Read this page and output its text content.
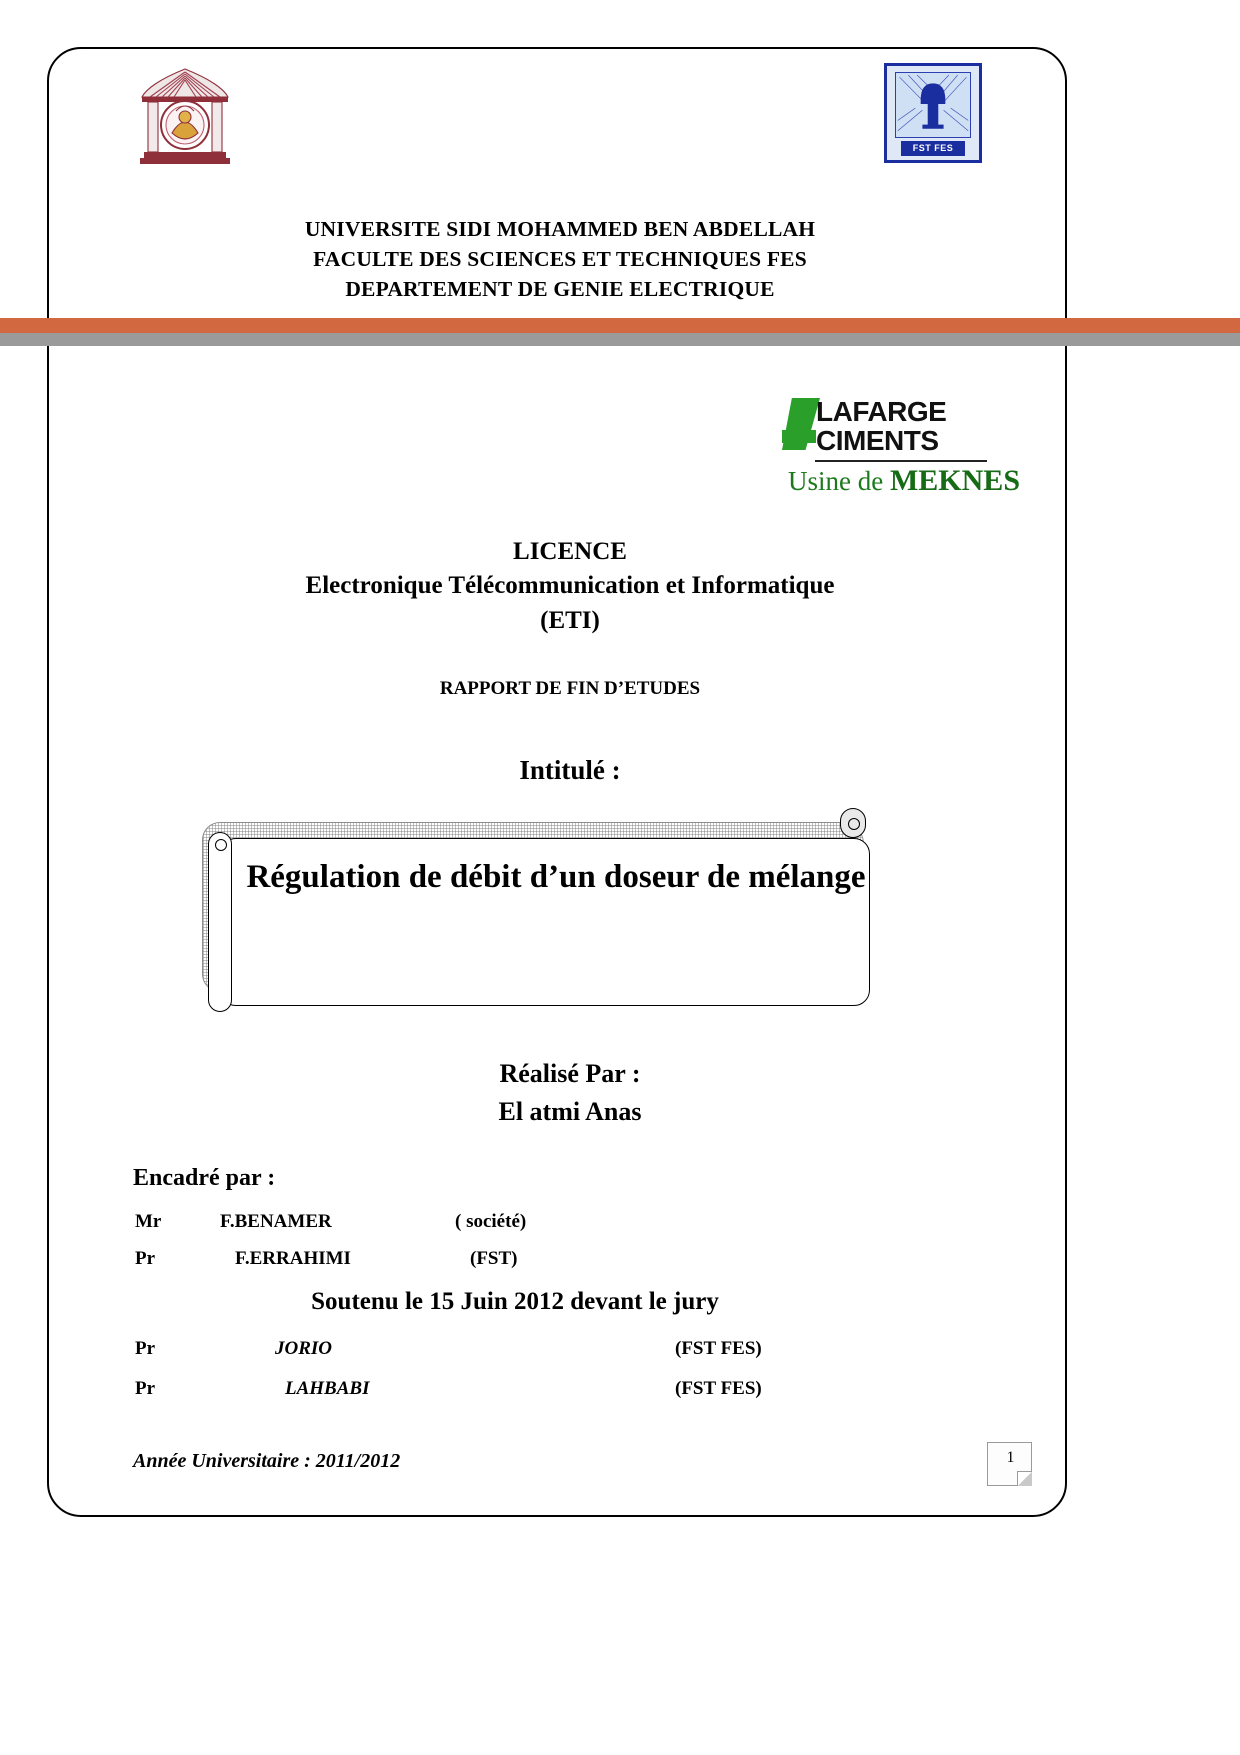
FST FES
UNIVERSITE SIDI MOHAMMED BEN ABDELLAH
FACULTE DES SCIENCES ET TECHNIQUES FES
DEPARTEMENT DE GENIE ELECTRIQUE
LAFARGE
CIMENTS
Usine de MEKNES
LICENCE
Electronique Télécommunication et Informatique
(ETI)
RAPPORT DE FIN D’ETUDES
Intitulé :
Régulation de débit d’un doseur de mélange
Réalisé Par :
El atmi Anas
Encadré par :
Mr	F.BENAMER	( société)
Pr	F.ERRAHIMI	(FST)
Soutenu le 15 Juin 2012 devant le jury
Pr	JORIO	(FST FES)
Pr	LAHBABI	(FST FES)
Année Universitaire : 2011/2012	1
